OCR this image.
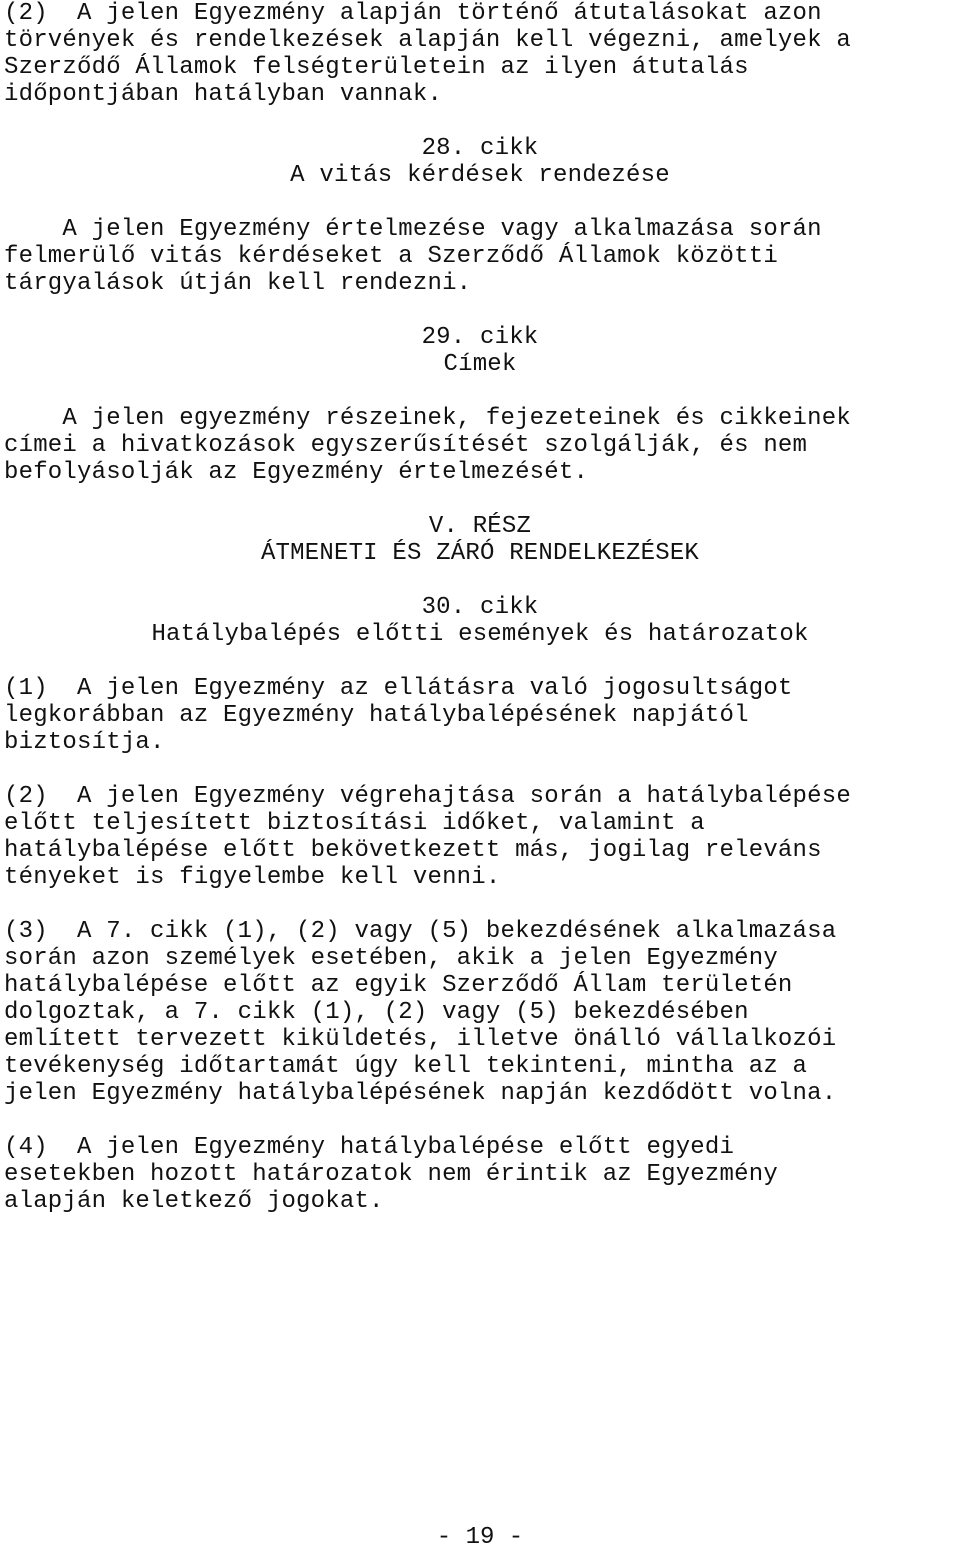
(2)  A jelen Egyezmény alapján történő átutalásokat azon
törvények és rendelkezések alapján kell végezni, amelyek a
Szerződő Államok felségterületein az ilyen átutalás
időpontjában hatályban vannak.
28. cikk
A vitás kérdések rendezése
A jelen Egyezmény értelmezése vagy alkalmazása során
felmerülő vitás kérdéseket a Szerződő Államok közötti
tárgyalások útján kell rendezni.
29. cikk
Címek
A jelen egyezmény részeinek, fejezeteinek és cikkeinek
címei a hivatkozások egyszerűsítését szolgálják, és nem
befolyásolják az Egyezmény értelmezését.
V. RÉSZ
ÁTMENETI ÉS ZÁRÓ RENDELKEZÉSEK
30. cikk
Hatálybalépés előtti események és határozatok
(1)  A jelen Egyezmény az ellátásra való jogosultságot
legkorábban az Egyezmény hatálybalépésének napjától
biztosítja.
(2)  A jelen Egyezmény végrehajtása során a hatálybalépése
előtt teljesített biztosítási időket, valamint a
hatálybalépése előtt bekövetkezett más, jogilag releváns
tényeket is figyelembe kell venni.
(3)  A 7. cikk (1), (2) vagy (5) bekezdésének alkalmazása
során azon személyek esetében, akik a jelen Egyezmény
hatálybalépése előtt az egyik Szerződő Állam területén
dolgoztak, a 7. cikk (1), (2) vagy (5) bekezdésében
említett tervezett kiküldetés, illetve önálló vállalkozói
tevékenység időtartamát úgy kell tekinteni, mintha az a
jelen Egyezmény hatálybalépésének napján kezdődött volna.
(4)  A jelen Egyezmény hatálybalépése előtt egyedi
esetekben hozott határozatok nem érintik az Egyezmény
alapján keletkező jogokat.
- 19 -
